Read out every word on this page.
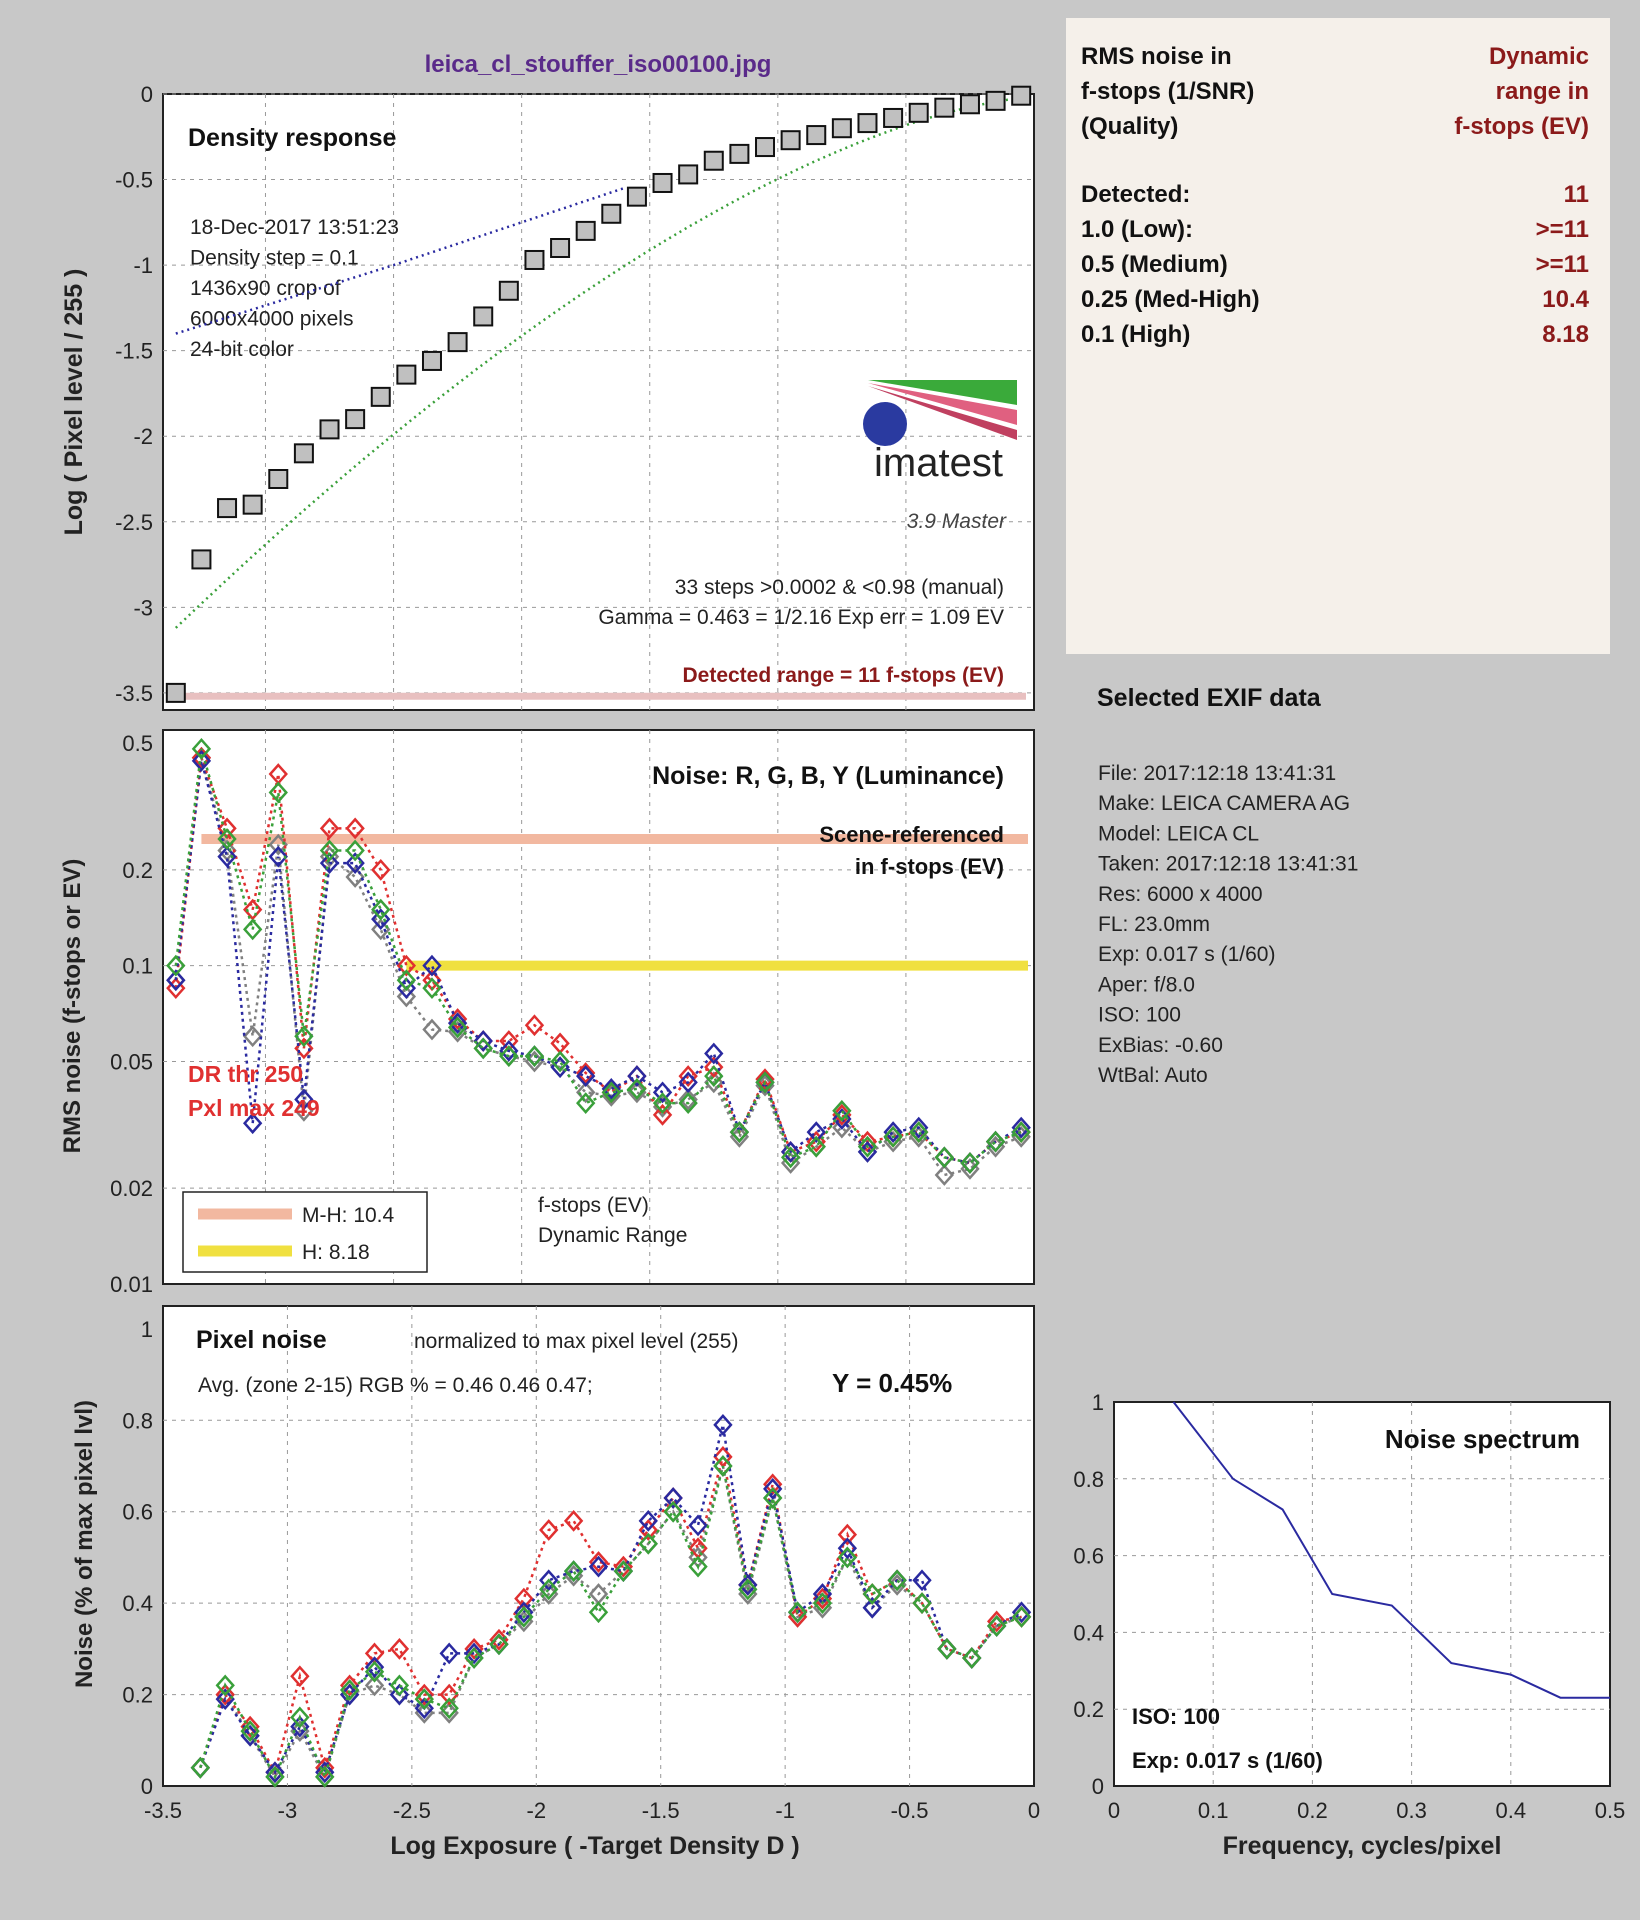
leica_cl_stouffer_iso00100.jpg	RMS noise in
f-stops (1/SNR)
(Quality)
Dynamic
range in
f-stops (EV)
Detected:	11
1.0 (Low):	>=11
0.5 (Medium)	>=11
0.25 (Med-High)	10.4
0.1 (High)	8.18
Selected EXIF data
File: 2017:12:18 13:41:31
Make: LEICA CAMERA AG
Model: LEICA CL
Taken: 2017:12:18 13:41:31
Res: 6000 x 4000
FL: 23.0mm
Exp: 0.017 s (1/60)
Aper: f/8.0
ISO: 100
ExBias: -0.60
WtBal: Auto
0
-0.5
-1
-1.5
-2
-2.5
-3
-3.5
Density response
18-Dec-2017 13:51:23
Density step = 0.1
1436x90 crop of
6000x4000 pixels
24-bit color
33 steps >0.0002 & <0.98 (manual)
Gamma = 0.463 = 1/2.16 Exp err = 1.09 EV
Detected range = 11 f-stops (EV)
Log ( Pixel level / 255 )	imatest
3.9 Master
0.5
0.2
0.1
0.05
0.02
0.01
Noise: R, G, B, Y (Luminance)
Scene-referenced
in f-stops (EV)
DR thr 250
Pxl max 249
M-H: 10.4
H: 8.18
f-stops (EV)
Dynamic Range
RMS noise (f-stops or EV)
1
0.8
0.6
0.4
0.2
0
-3.5	-3	-2.5	-2	-1.5	-1	-0.5	0
Pixel noise	normalized to max pixel level (255)
Avg. (zone 2-15) RGB % = 0.46 0.46 0.47;	Y = 0.45%
Noise (% of max pixel lvl)
Log Exposure ( -Target Density D )
1
0.8
0.6
0.4
0.2
0
0	0.1	0.2	0.3	0.4	0.5
Noise spectrum
ISO: 100
Exp: 0.017 s (1/60)
Frequency, cycles/pixel
